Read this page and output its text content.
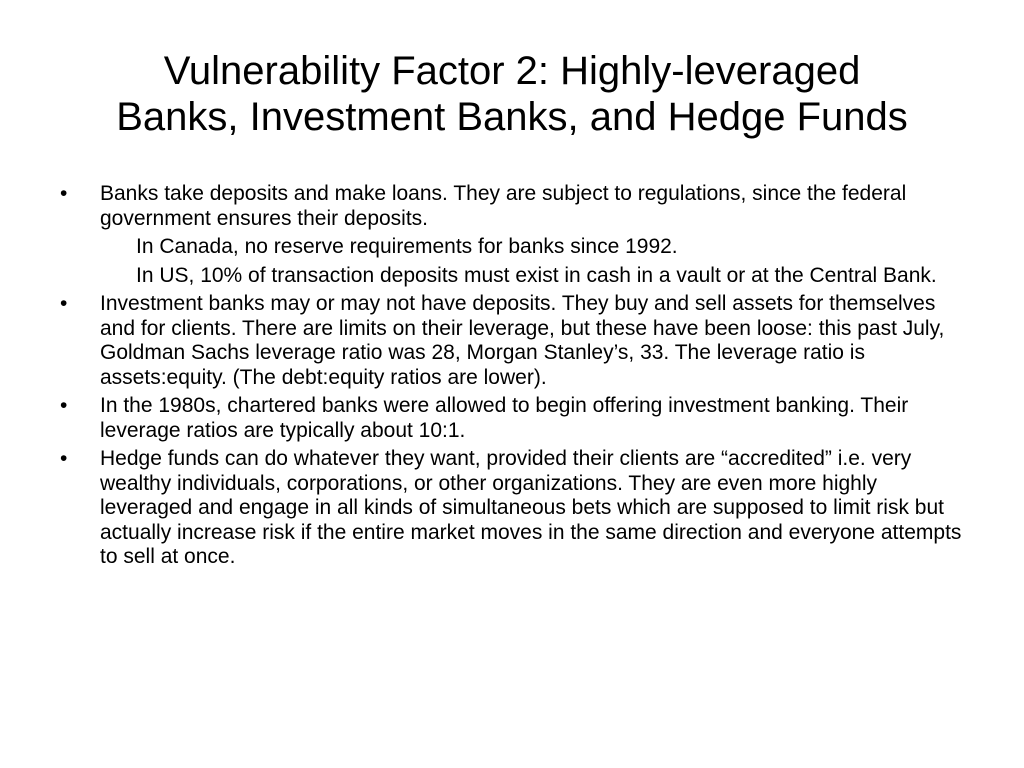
Vulnerability Factor 2: Highly-leveraged
Banks, Investment Banks, and Hedge Funds
•	Banks take deposits and make loans. They are subject to regulations, since the federal government ensures their deposits.
In Canada, no reserve requirements for banks since 1992.
In US, 10% of transaction deposits must exist in cash in a vault or at the Central Bank.
•	Investment banks may or may not have deposits. They buy and sell assets for themselves and for clients. There are limits on their leverage, but these have been loose: this past July, Goldman Sachs leverage ratio was 28, Morgan Stanley’s, 33. The leverage ratio is assets:equity. (The debt:equity ratios are lower).
•	In the 1980s, chartered banks were allowed to begin offering investment banking. Their leverage ratios are typically about 10:1.
•	Hedge funds can do whatever they want, provided their clients are “accredited” i.e. very wealthy individuals, corporations, or other organizations. They are even more highly leveraged and engage in all kinds of simultaneous bets which are supposed to limit risk but actually increase risk if the entire market moves in the same direction and everyone attempts to sell at once.
